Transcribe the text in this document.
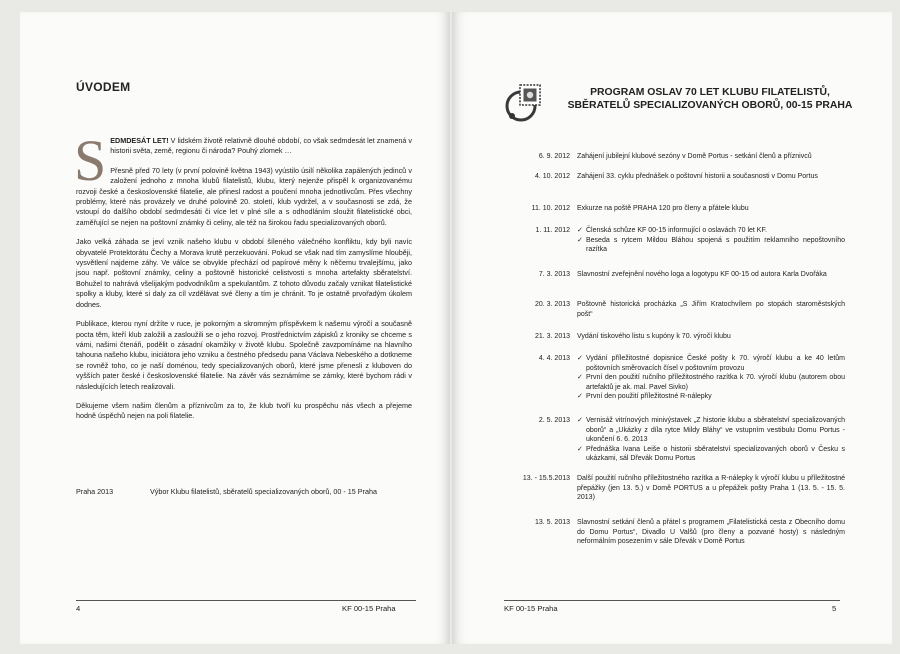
ÚVODEM

SEDMDESÁT LET! V lidském životě relativně dlouhé období, co však sedmdesát let znamená v historii světa, země, regionu či národa? Pouhý zlomek …

Přesně před 70 lety (v první polovině května 1943) vyústilo úsilí několika zapálených jedinců v založení jednoho z mnoha klubů filatelistů, klubu, který nejenže přispěl k organizovanému rozvoji české a československé filatelie, ale přinesl radost a poučení mnoha jednotlivcům. Přes všechny problémy, které nás provázely ve druhé polovině 20. století, klub vydržel, a v současnosti se zdá, že vstoupí do dalšího období sedmdesáti či více let v plné síle a s odhodláním sloužit filatelistické obci, zaměřující se nejen na poštovní známky či celiny, ale též na širokou řadu specializovaných oborů.

Jako velká záhada se jeví vznik našeho klubu v období šíleného válečného konfliktu, kdy byli navíc obyvatelé Protektorátu Čechy a Morava krutě perzekuováni. Pokud se však nad tím zamyslíme hlouběji, vysvětlení najdeme záhy. Ve válce se obvykle přechází od papírové měny k něčemu trvalejšímu, jako jsou např. poštovní známky, celiny a poštovně historické celistvosti s mnoha artefakty sběratelství. Bohužel to nahrává všelijakým podvodníkům a spekulantům. Z tohoto důvodu začaly vznikat filatelistické spolky a kluby, které si daly za cíl vzdělávat své členy a tím je chránit. To je ostatně prvořadým úkolem dodnes.

Publikace, kterou nyní držíte v ruce, je pokorným a skromným příspěvkem k našemu výročí a současně pocta těm, kteří klub založili a zasloužili se o jeho rozvoj. Prostřednictvím zápisků z kroniky se chceme s vámi, našimi čtenáři, podělit o zásadní okamžiky v životě klubu. Společně zavzpomínáme na hlavního tahouna našeho klubu, iniciátora jeho vzniku a čestného předsedu pana Václava Nebeského a dotkneme se rovněž toho, co je naší doménou, tedy specializovaných oborů, které jsme přenesli z kluboven do vyšších pater české i československé filatelie. Na závěr vás seznámíme se zámky, které bychom rádi v následujících letech realizovali.

Děkujeme všem našim členům a příznivcům za to, že klub tvoří ku prospěchu nás všech a přejeme hodně úspěchů nejen na poli filatelie.

Praha 2013	Výbor Klubu filatelistů, sběratelů specializovaných oborů, 00 - 15 Praha
4	KF 00-15 Praha
PROGRAM OSLAV 70 LET KLUBU FILATELISTŮ,
SBĚRATELŮ SPECIALIZOVANÝCH OBORŮ, 00-15 PRAHA
6. 9. 2012 Zahájení jubilejní klubové sezóny v Domě Portus - setkání členů a příznivců
4. 10. 2012 Zahájení 33. cyklu přednášek o poštovní historii a současnosti v Domu Portus
11. 10. 2012 Exkurze na poště PRAHA 120 pro členy a přátele klubu
1. 11. 2012 ✓ Členská schůze KF 00-15 informující o oslavách 70 let KF.
✓ Beseda s rytcem Mildou Bláhou spojená s použitím reklamního nepoštovního razítka
7. 3. 2013 Slavnostní zveřejnění nového loga a logotypu KF 00-15 od autora Karla Dvořáka
20. 3. 2013 Poštovně historická procházka „S Jiřím Kratochvílem po stopách staroměstských pošt“
21. 3. 2013 Vydání tiskového listu s kupóny k 70. výročí klubu
4. 4. 2013 ✓ Vydání příležitostné dopisnice České pošty k 70. výročí klubu a ke 40 letům poštovních směrovacích čísel v poštovním provozu
✓ První den použití ručního příležitostného razítka k 70. výročí klubu (autorem obou artefaktů je ak. mal. Pavel Sivko)
✓ První den použití příležitostné R-nálepky
2. 5. 2013 ✓ Vernisáž vitrínových minivýstavek „Z historie klubu a sběratelství specializovaných oborů“ a „Ukázky z díla rytce Mildy Bláhy“ ve vstupním vestibulu Domu Portus - ukončení 6. 6. 2013
✓ Přednáška Ivana Leiše o historii sběratelství specializovaných oborů v Česku s ukázkami, sál Dřevák Domu Portus
13. - 15.5.2013 Další použití ručního příležitostného razítka a R-nálepky k výročí klubu u příležitostné přepážky (jen 13. 5.) v Domě PORTUS a u přepážek pošty Praha 1 (13. 5. - 15. 5. 2013)
13. 5. 2013 Slavnostní setkání členů a přátel s programem „Filatelistická cesta z Obecního domu do Domu Portus“, Divadlo U Valšů (pro členy a pozvané hosty) s následným neformálním posezením v sále Dřevák v Domě Portus
KF 00-15 Praha	5
